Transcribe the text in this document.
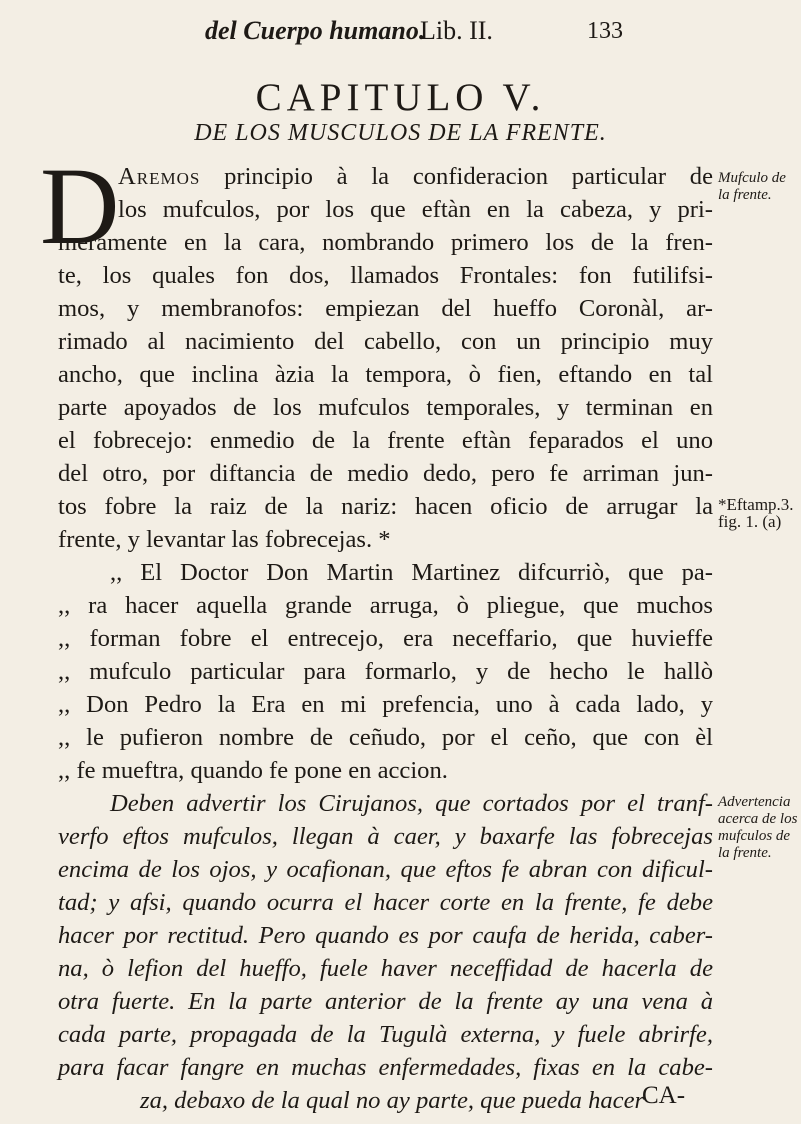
del Cuerpo humano.
Lib. II.	133
CAPITULO V.
DE LOS MUSCULOS DE LA FRENTE.
D
Aremos principio à la confideracion particular de
los mufculos, por los que eftàn en la cabeza, y pri-
meramente en la cara, nombrando primero los de la fren-
te, los quales fon dos, llamados Frontales: fon futilifsi-
mos, y membranofos: empiezan del hueffo Coronàl, ar-
rimado al nacimiento del cabello, con un principio muy
ancho, que inclina àzia la tempora, ò fien, eftando en tal
parte apoyados de los mufculos temporales, y terminan en
el fobrecejo: enmedio de la frente eftàn feparados el uno
del otro, por diftancia de medio dedo, pero fe arriman jun-
tos fobre la raiz de la nariz: hacen oficio de arrugar la
frente, y levantar las fobrecejas. *
,, El Doctor Don Martin Martinez difcurriò, que pa-
,, ra hacer aquella grande arruga, ò pliegue, que muchos
,, forman fobre el entrecejo, era neceffario, que huvieffe
,, mufculo particular para formarlo, y de hecho le hallò
,, Don Pedro la Era en mi prefencia, uno à cada lado, y
,, le pufieron nombre de ceñudo, por el ceño, que con èl
,, fe mueftra, quando fe pone en accion.
Deben advertir los Cirujanos, que cortados por el tranf-
verfo eftos mufculos, llegan à caer, y baxarfe las fobrecejas
encima de los ojos, y ocafionan, que eftos fe abran con dificul-
tad; y afsi, quando ocurra el hacer corte en la frente, fe debe
hacer por rectitud. Pero quando es por caufa de herida, caber-
na, ò lefion del hueffo, fuele haver neceffidad de hacerla de
otra fuerte. En la parte anterior de la frente ay una vena à
cada parte, propagada de la Tugulà externa, y fuele abrirfe,
para facar fangre en muchas enfermedades, fixas en la cabe-
za, debaxo de la qual no ay parte, que pueda hacer
Mufculo de
la frente.
*Eftamp.3.
fig. 1. (a)
Advertencia
acerca de los
mufculos de
la frente.
CA-
